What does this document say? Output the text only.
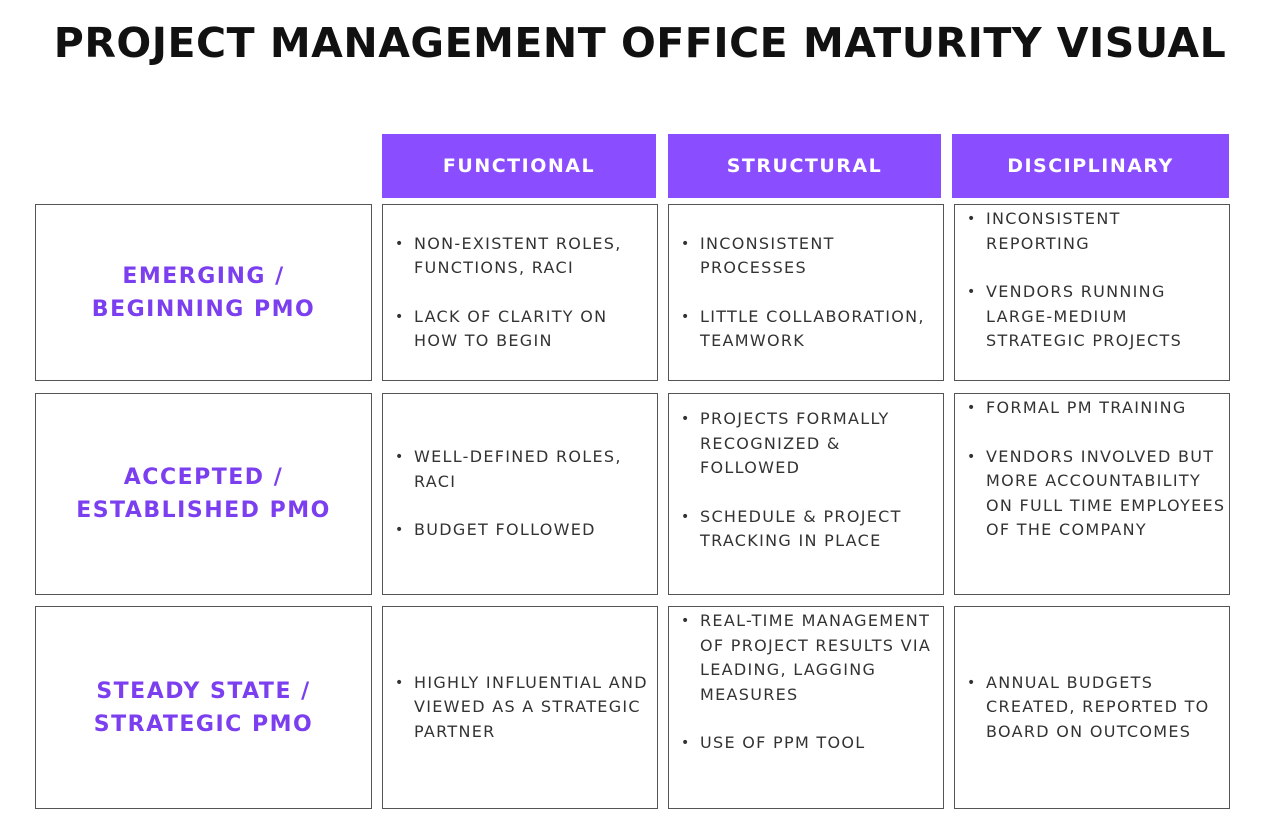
PROJECT MANAGEMENT OFFICE MATURITY VISUAL
FUNCTIONAL	STRUCTURAL	DISCIPLINARY
EMERGING / BEGINNING PMO
• NON-EXISTENT ROLES, FUNCTIONS, RACI
• LACK OF CLARITY ON HOW TO BEGIN
• INCONSISTENT PROCESSES
• LITTLE COLLABORATION, TEAMWORK
• INCONSISTENT REPORTING
• VENDORS RUNNING LARGE-MEDIUM STRATEGIC PROJECTS
ACCEPTED / ESTABLISHED PMO
• WELL-DEFINED ROLES, RACI
• BUDGET FOLLOWED
• PROJECTS FORMALLY RECOGNIZED & FOLLOWED
• SCHEDULE & PROJECT TRACKING IN PLACE
• FORMAL PM TRAINING
• VENDORS INVOLVED BUT MORE ACCOUNTABILITY ON FULL TIME EMPLOYEES OF THE COMPANY
STEADY STATE / STRATEGIC PMO
• HIGHLY INFLUENTIAL AND VIEWED AS A STRATEGIC PARTNER
• REAL-TIME MANAGEMENT OF PROJECT RESULTS VIA LEADING, LAGGING MEASURES
• USE OF PPM TOOL
• ANNUAL BUDGETS CREATED, REPORTED TO BOARD ON OUTCOMES
